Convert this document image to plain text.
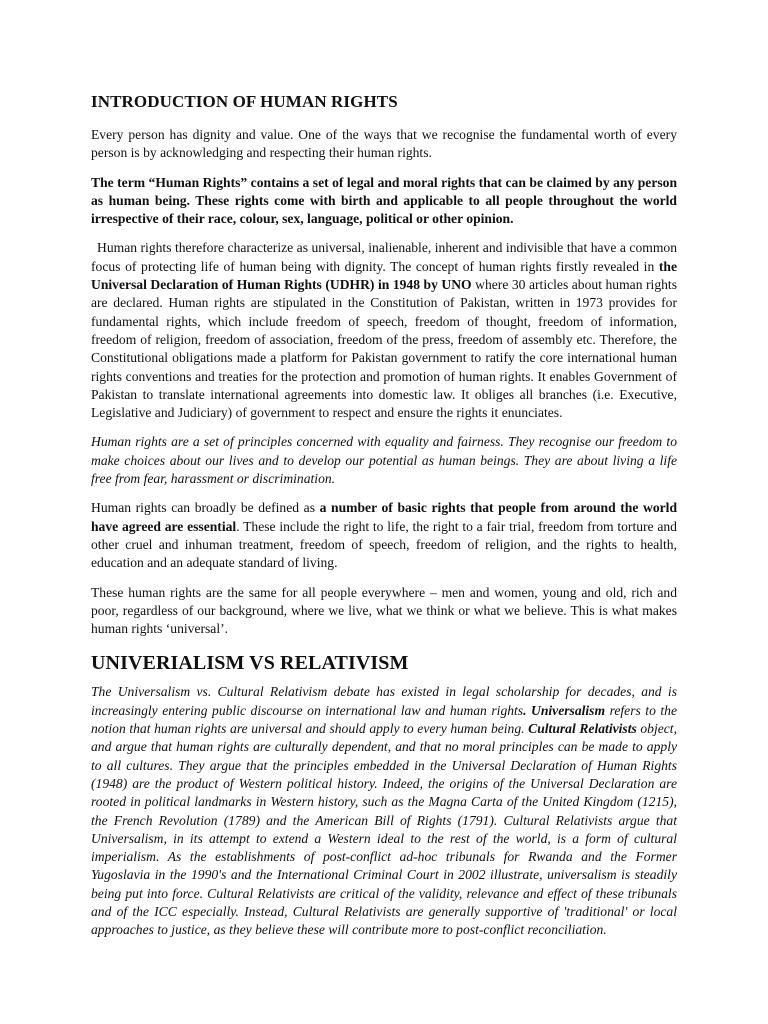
INTRODUCTION OF HUMAN RIGHTS

Every person has dignity and value. One of the ways that we recognise the fundamental worth of every person is by acknowledging and respecting their human rights.

The term “Human Rights” contains a set of legal and moral rights that can be claimed by any person as human being. These rights come with birth and applicable to all people throughout the world irrespective of their race, colour, sex, language, political or other opinion.

Human rights therefore characterize as universal, inalienable, inherent and indivisible that have a common focus of protecting life of human being with dignity. The concept of human rights firstly revealed in the Universal Declaration of Human Rights (UDHR) in 1948 by UNO where 30 articles about human rights are declared. Human rights are stipulated in the Constitution of Pakistan, written in 1973 provides for fundamental rights, which include freedom of speech, freedom of thought, freedom of information, freedom of religion, freedom of association, freedom of the press, freedom of assembly etc. Therefore, the Constitutional obligations made a platform for Pakistan government to ratify the core international human rights conventions and treaties for the protection and promotion of human rights. It enables Government of Pakistan to translate international agreements into domestic law. It obliges all branches (i.e. Executive, Legislative and Judiciary) of government to respect and ensure the rights it enunciates.

Human rights are a set of principles concerned with equality and fairness. They recognise our freedom to make choices about our lives and to develop our potential as human beings. They are about living a life free from fear, harassment or discrimination.

Human rights can broadly be defined as a number of basic rights that people from around the world have agreed are essential. These include the right to life, the right to a fair trial, freedom from torture and other cruel and inhuman treatment, freedom of speech, freedom of religion, and the rights to health, education and an adequate standard of living.

These human rights are the same for all people everywhere – men and women, young and old, rich and poor, regardless of our background, where we live, what we think or what we believe. This is what makes human rights ‘universal’.

UNIVERIALISM VS RELATIVISM

The Universalism vs. Cultural Relativism debate has existed in legal scholarship for decades, and is increasingly entering public discourse on international law and human rights. Universalism refers to the notion that human rights are universal and should apply to every human being. Cultural Relativists object, and argue that human rights are culturally dependent, and that no moral principles can be made to apply to all cultures. They argue that the principles embedded in the Universal Declaration of Human Rights (1948) are the product of Western political history. Indeed, the origins of the Universal Declaration are rooted in political landmarks in Western history, such as the Magna Carta of the United Kingdom (1215), the French Revolution (1789) and the American Bill of Rights (1791). Cultural Relativists argue that Universalism, in its attempt to extend a Western ideal to the rest of the world, is a form of cultural imperialism. As the establishments of post-conflict ad-hoc tribunals for Rwanda and the Former Yugoslavia in the 1990's and the International Criminal Court in 2002 illustrate, universalism is steadily being put into force. Cultural Relativists are critical of the validity, relevance and effect of these tribunals and of the ICC especially. Instead, Cultural Relativists are generally supportive of 'traditional' or local approaches to justice, as they believe these will contribute more to post-conflict reconciliation.
